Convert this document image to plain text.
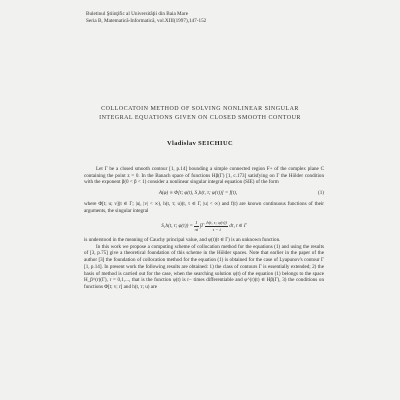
Buletinul Ştiinţific al Universităţii din Baia Mare
Seria B, Matematică-Informatică, vol.XIII(1997),147-152
COLLOCATOIN METHOD OF SOLVING NONLINEAR SINGULAR
INTEGRAL EQUATIONS GIVEN ON CLOSED SMOOTH CONTOUR
Vladislav SEICHIUC

Let Γ be a closed smooth contour [1, p.14] bounding a simple connected region F+ of the complex plane C containing the point z = 0. In the Banach space of functions Hβ(Γ) [1, c.173] satisfying on Γ the Hölder condition with the exponent β(0 < β < 1) consider a nonlinear singular integral equation (SIE) of the form

A(φ) ≡ Φ[t; φ(t), S₁h(t, τ; φ(τ))] = f(t),	(1)

where Φ[t; u; v](t ∈ Γ; |u|, |v| < ∞), h(t, τ; u)(t, τ ∈ Γ, |u| < ∞) and f(t) are known continuous functions of their arguments, the singular integral

S₁h(t, τ; $\varphi(\tau)) = \frac{1}{\pi i} \int\Gamma \frac{h(t, \tau; \varphi(\tau))}{\tau - t} d\tau$, t ∈ Γ

is understood in the meaning of Cauchy principal value, and φ(t)(t ∈ Γ) is an unknown function.

In this work we propose a computing scheme of collocation method for the equations (1) and using the results of [3, p.75] give a theoretical foundation of this scheme in the Hölder spaces. Note that earlier in the paper of the author [3] the foundation of collocation method for the equation (1) is obtained for the case of Lyapunov's contour Γ [1, p.14]. In present work the following results are obtained: 1) the class of contours Γ is essentially extended; 2) the basis of method is carried out for the case, when the searching solution φ(t) of the equation (1) belongs to the space H_β^(r)(Γ), r = 0,1,..., that is the function φ(t) is r− times differentiable and φ^(r)(t) ∈ Hβ(Γ), 3) the conditions on functions Φ[t; v; r] and h(t, τ; u) are
